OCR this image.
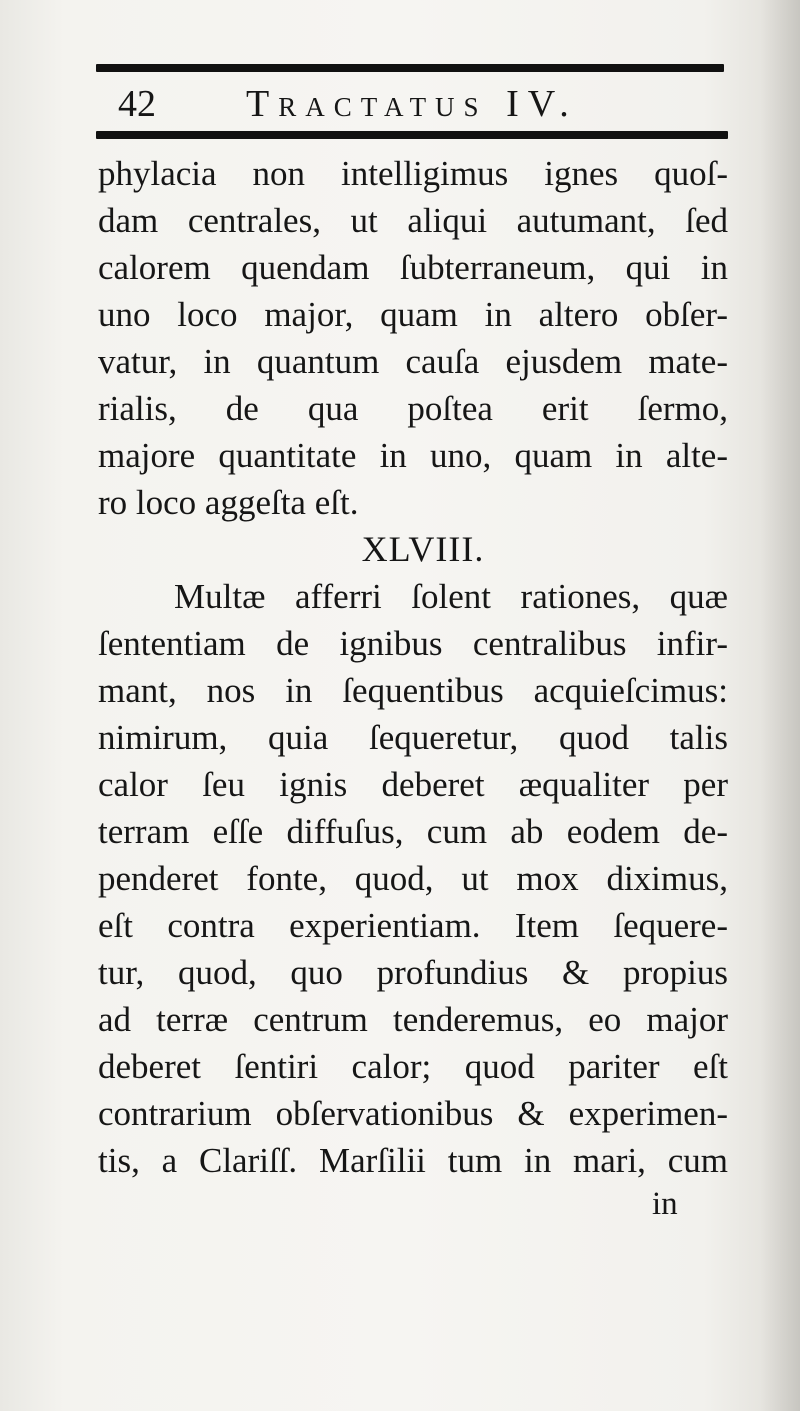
42 Tractatus IV.
phylacia non intelligimus ignes quoſ-
dam centrales, ut aliqui autumant, ſed
calorem quendam ſubterraneum, qui in
uno loco major, quam in altero obſer-
vatur, in quantum cauſa ejusdem mate-
rialis, de qua poſtea erit ſermo,
majore quantitate in uno, quam in alte-
ro loco aggeſta eſt.
XLVIII.
Multæ afferri ſolent rationes, quæ
ſententiam de ignibus centralibus infir-
mant, nos in ſequentibus acquieſcimus:
nimirum, quia ſequeretur, quod talis
calor ſeu ignis deberet æqualiter per
terram eſſe diffuſus, cum ab eodem de-
penderet fonte, quod, ut mox diximus,
eſt contra experientiam. Item ſequere-
tur, quod, quo profundius & propius
ad terræ centrum tenderemus, eo major
deberet ſentiri calor; quod pariter eſt
contrarium obſervationibus & experimen-
tis, a Clariſſ. Marſilii tum in mari, cum
in
